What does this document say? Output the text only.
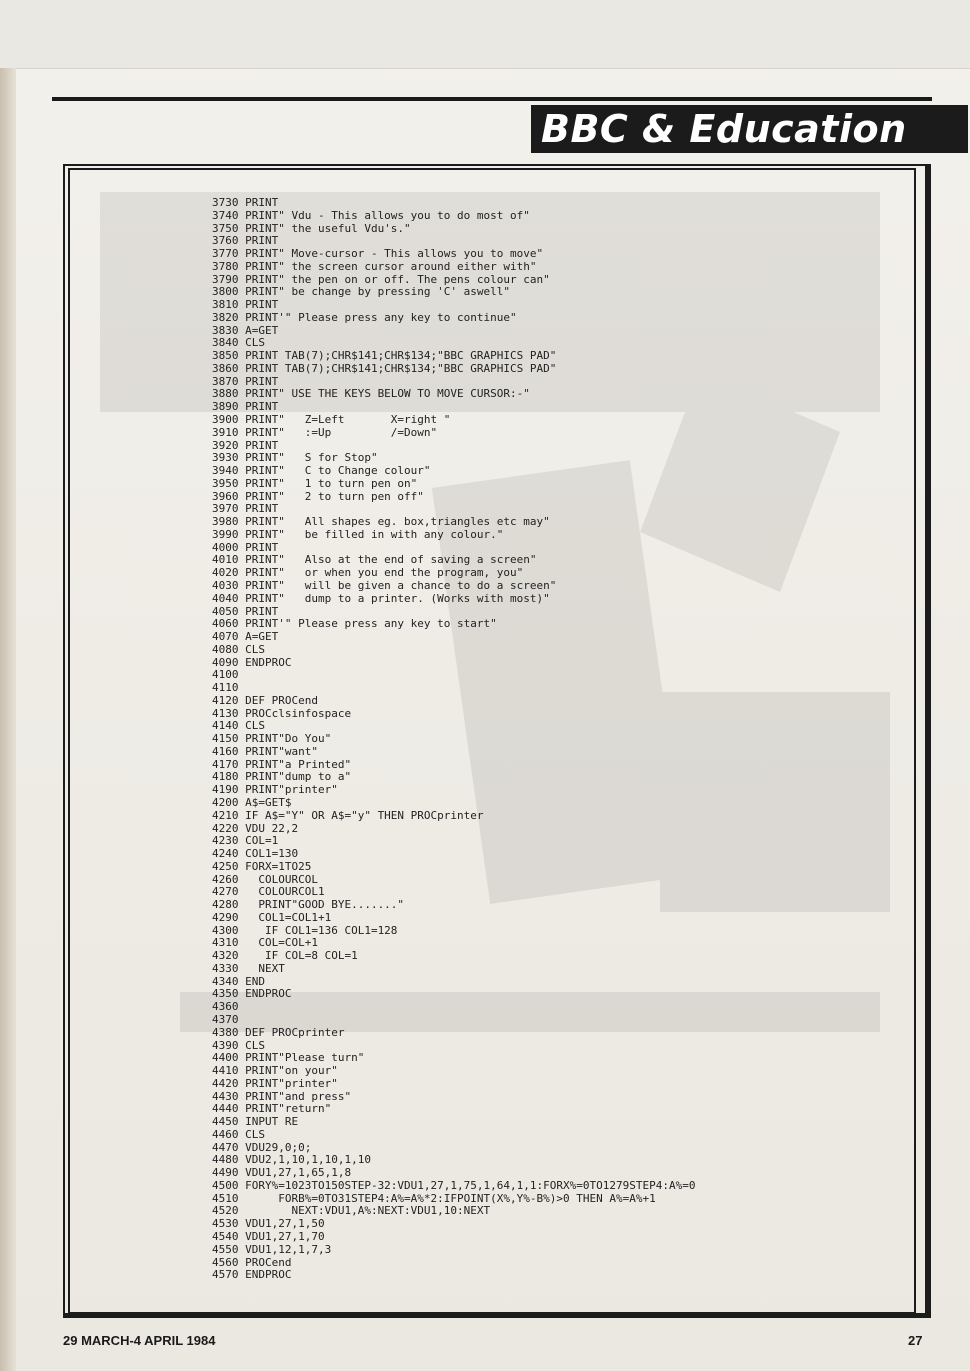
BBC & Education
3730 PRINT
3740 PRINT" Vdu - This allows you to do most of"
3750 PRINT" the useful Vdu's."
3760 PRINT
3770 PRINT" Move-cursor - This allows you to move"
3780 PRINT" the screen cursor around either with"
3790 PRINT" the pen on or off. The pens colour can"
3800 PRINT" be change by pressing 'C' aswell"
3810 PRINT
3820 PRINT'" Please press any key to continue"
3830 A=GET
3840 CLS
3850 PRINT TAB(7);CHR$141;CHR$134;"BBC GRAPHICS PAD"
3860 PRINT TAB(7);CHR$141;CHR$134;"BBC GRAPHICS PAD"
3870 PRINT
3880 PRINT" USE THE KEYS BELOW TO MOVE CURSOR:-"
3890 PRINT
3900 PRINT"   Z=Left       X=right "
3910 PRINT"   :=Up         /=Down"
3920 PRINT
3930 PRINT"   S for Stop"
3940 PRINT"   C to Change colour"
3950 PRINT"   1 to turn pen on"
3960 PRINT"   2 to turn pen off"
3970 PRINT
3980 PRINT"   All shapes eg. box,triangles etc may"
3990 PRINT"   be filled in with any colour."
4000 PRINT
4010 PRINT"   Also at the end of saving a screen"
4020 PRINT"   or when you end the program, you"
4030 PRINT"   will be given a chance to do a screen"
4040 PRINT"   dump to a printer. (Works with most)"
4050 PRINT
4060 PRINT'" Please press any key to start"
4070 A=GET
4080 CLS
4090 ENDPROC
4100
4110
4120 DEF PROCend
4130 PROCclsinfospace
4140 CLS
4150 PRINT"Do You"
4160 PRINT"want"
4170 PRINT"a Printed"
4180 PRINT"dump to a"
4190 PRINT"printer"
4200 A$=GET$
4210 IF A$="Y" OR A$="y" THEN PROCprinter
4220 VDU 22,2
4230 COL=1
4240 COL1=130
4250 FORX=1TO25
4260   COLOURCOL
4270   COLOURCOL1
4280   PRINT"GOOD BYE......."
4290   COL1=COL1+1
4300    IF COL1=136 COL1=128
4310   COL=COL+1
4320    IF COL=8 COL=1
4330   NEXT
4340 END
4350 ENDPROC
4360
4370
4380 DEF PROCprinter
4390 CLS
4400 PRINT"Please turn"
4410 PRINT"on your"
4420 PRINT"printer"
4430 PRINT"and press"
4440 PRINT"return"
4450 INPUT RE
4460 CLS
4470 VDU29,0;0;
4480 VDU2,1,10,1,10,1,10
4490 VDU1,27,1,65,1,8
4500 FORY%=1023TO150STEP-32:VDU1,27,1,75,1,64,1,1:FORX%=0TO1279STEP4:A%=0
4510      FORB%=0TO31STEP4:A%=A%*2:IFPOINT(X%,Y%-B%)>0 THEN A%=A%+1
4520        NEXT:VDU1,A%:NEXT:VDU1,10:NEXT
4530 VDU1,27,1,50
4540 VDU1,27,1,70
4550 VDU1,12,1,7,3
4560 PROCend
4570 ENDPROC
29 MARCH-4 APRIL 1984	27
